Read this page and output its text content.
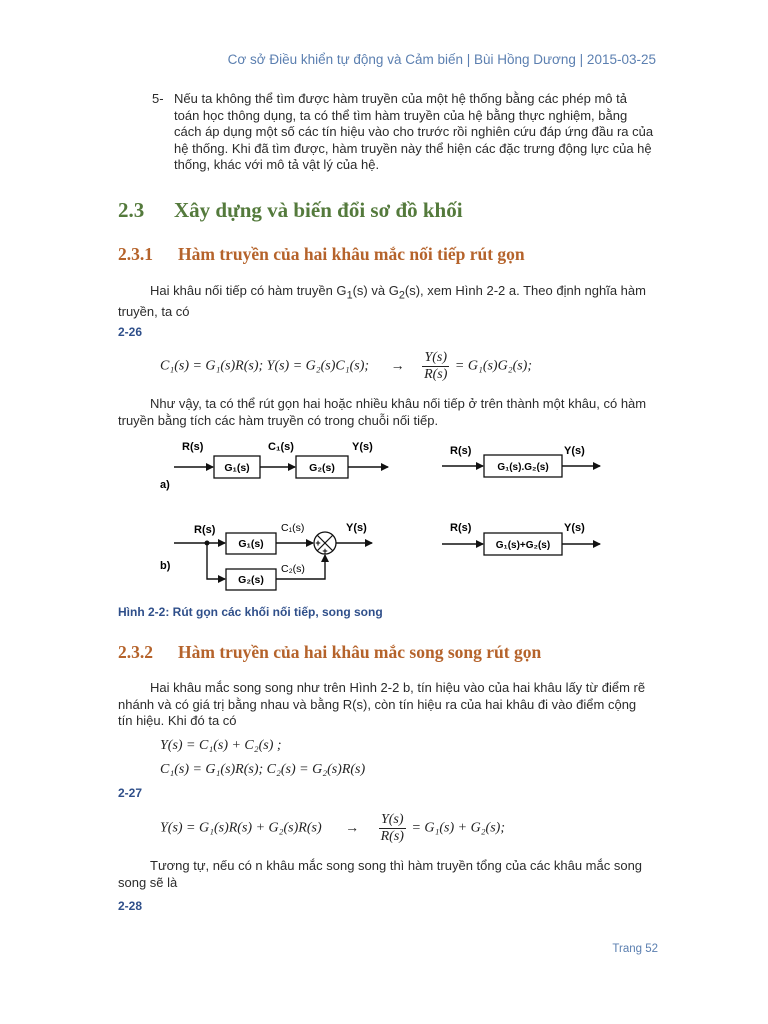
Cơ sở Điều khiển tự động và Cảm biến | Bùi Hồng Dương | 2015-03-25
5- Nếu ta không thể tìm được hàm truyền của một hệ thống bằng các phép mô tả
toán học thông dụng, ta có thể tìm hàm truyền của hệ bằng thực nghiệm, bằng
cách áp dụng một số các tín hiệu vào cho trước rồi nghiên cứu đáp ứng đầu ra của
hệ thống. Khi đã tìm được, hàm truyền này thể hiện các đặc trưng động lực của hệ
thống, khác với mô tả vật lý của hệ.
2.3 Xây dựng và biến đổi sơ đồ khối
2.3.1 Hàm truyền của hai khâu mắc nối tiếp rút gọn
Hai khâu nối tiếp có hàm truyền $G_1(s)$ và $G_2(s)$, xem Hình 2-2 a. Theo định nghĩa hàm
truyền, ta có
2-26
C₁(s) = G₁(s)R(s); Y(s) = G₂(s)C₁(s); → $\frac{Y(s)}{R(s)} = G_1(s)G_2(s)$;
Như vậy, ta có thể rút gọn hai hoặc nhiều khâu nối tiếp ở trên thành một khâu, có hàm
truyền bằng tích các hàm truyền có trong chuỗi nối tiếp.
R(s)	C₁(s)	Y(s)
G₁(s)	G₂(s)
a)
R(s)	Y(s)
G₁(s).G₂(s)
+
+
R(s)	C₁(s)
C₂(s)
Y(s)
G₁(s)
G₂(s)
b)
R(s)	Y(s)
G₁(s)+G₂(s)
Hình 2-2: Rút gọn các khối nối tiếp, song song
2.3.2 Hàm truyền của hai khâu mắc song song rút gọn
Hai khâu mắc song song như trên Hình 2-2 b, tín hiệu vào của hai khâu lấy từ điểm rẽ
nhánh và có giá trị bằng nhau và bằng R(s), còn tín hiệu ra của hai khâu đi vào điểm cộng
tín hiệu. Khi đó ta có
Y(s) = C₁(s) + C₂(s) ;
C₁(s) = G₁(s)R(s); C₂(s) = G₂(s)R(s)
2-27
$Y(s) = G_1(s)R(s) + G_2(s)R(s) \to \frac{Y(s)}{R(s)} = G_1(s) + G_2(s)$;
Tương tự, nếu có n khâu mắc song song thì hàm truyền tổng của các khâu mắc song
song sẽ là
2-28
Trang 52
